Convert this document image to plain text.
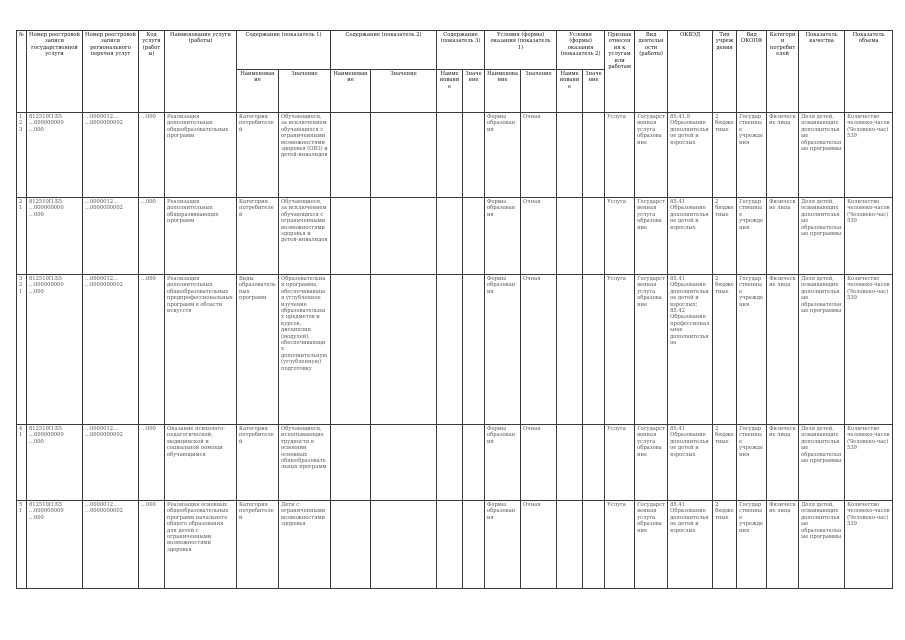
№	Номер реестровой записи государственной услуги	Номер реестровой записи регионального перечня услуг	Код услуги (работы)	Наименование услуги (работы)	Содержание (показатель 1)		Содержание (показатель 2)		Содержание (показатель 3)		Условия (формы) оказания (показатель 1)		Условия (формы) оказания (показатель 2)		Признак отнесения к услугам или работам	Вид деятельности (работы)	ОКВЭД	Тип учреждения	Вид ОКОПФ	Категории потребителей	Показатель качества	Показатель объема
					Наименование	Значение	Наименование	Значение	Наименование	Значение	Наименование	Значение	Наименование	Значение								
1 2 3	812510П.Б5 ...000000000 ...000	...0000012... ...0000000002	...000	Реализация дополнительных общеобразовательных программ	Категория потребителей	Обучающиеся, за исключением обучающихся с ограниченными возможностями здоровья (ОВЗ) и детей-инвалидов					Формы образования	Очная			Услуга	Государственная услуга образование	85.41.9 Образование дополнительное детей и взрослых	2 бюджетные	Государственные учреждения	Физические лица	Доля детей, осваивающих дополнительные образовательные программы	Количество человеко-часов (Человеко-час) 539
2 1	812510П.Б5 ...000000000 ...000	...0000012... ...0000000002	...000	Реализация дополнительных общеразвивающих программ	Категория потребителей	Обучающиеся, за исключением обучающихся с ограниченными возможностями здоровья и детей-инвалидов					Формы образования	Очная			Услуга	Государственная услуга образование	85.41 Образование дополнительное детей и взрослых	2 бюджетные	Государственные учреждения	Физические лица	Доля детей, осваивающих дополнительные образовательные программы	Количество человеко-часов (Человеко-час) 539
3 2 1	812510П.Б5 ...000000000 ...000	...0000012... ...0000000002	...000	Реализация дополнительных общеобразовательных предпрофессиональных программ в области искусств	Виды образовательных программ	Образовательная программа, обеспечивающая углубленное изучение образовательных предметов и курсов, дисциплин (модулей), обеспечивающих дополнительную (углубленную) подготовку					Формы образования	Очная			Услуга	Государственная услуга образование	85.41 Образование дополнительное детей и взрослых; 85.42 Образование профессиональное дополнительное	2 бюджетные	Государственные учреждения	Физические лица	Доля детей, осваивающих дополнительные образовательные программы	Количество человеко-часов (Человеко-час) 539
4 1	812510П.Б5 ...000000000 ...000	...0000012... ...0000000002	...000	Оказание психолого-педагогической, медицинской и социальной помощи обучающимся	Категория потребителей	Обучающиеся, испытывающие трудности в освоении основных общеобразовательных программ					Формы образования	Очная			Услуга	Государственная услуга образование	85.41 Образование дополнительное детей и взрослых	2 бюджетные	Государственные учреждения	Физические лица	Доля детей, осваивающих дополнительные образовательные программы	Количество человеко-часов (Человеко-час) 539
5 1	812510П.Б5 ...000000000 ...000	...0000012... ...0000000002	...000	Реализация основных общеобразовательных программ начального общего образования для детей с ограниченными возможностями здоровья	Категория потребителей	Дети с ограниченными возможностями здоровья					Формы образования	Очная			Услуга	Государственная услуга образование	85.41 Образование дополнительное детей и взрослых	2 бюджетные	Государственные учреждения	Физические лица	Доля детей, осваивающих дополнительные образовательные программы	Количество человеко-часов (Человеко-час) 539
